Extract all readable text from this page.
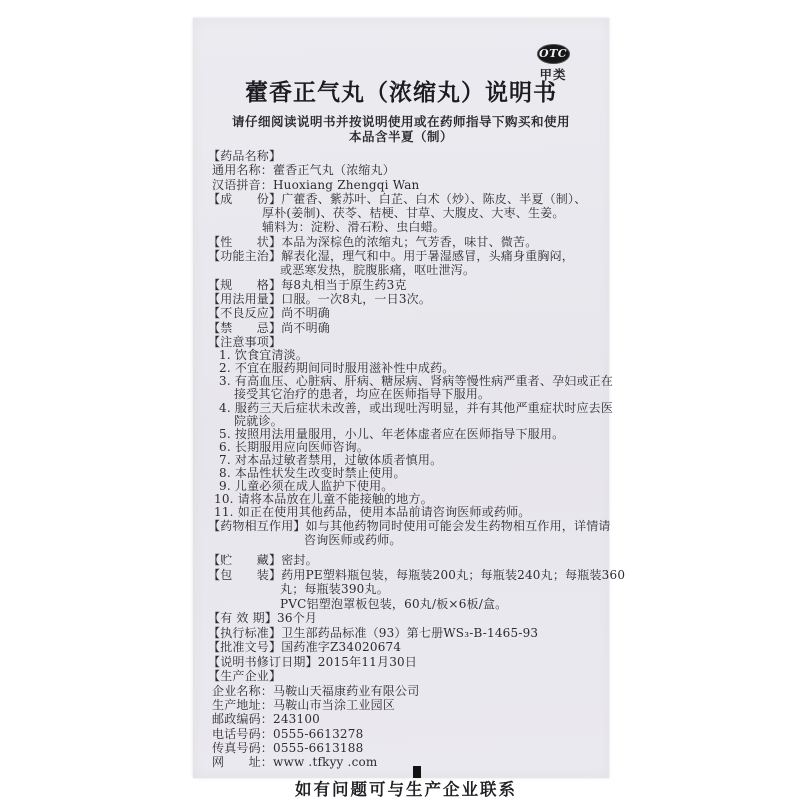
OTC
甲类
藿香正气丸（浓缩丸）说明书
请仔细阅读说明书并按说明使用或在药师指导下购买和使用
本品含半夏（制）
【药品名称】
通用名称：藿香正气丸（浓缩丸）
汉语拼音：Huoxiang Zhengqi Wan
【成　　份】广藿香、紫苏叶、白芷、白术（炒）、陈皮、半夏（制）、
厚朴(姜制)、茯苓、桔梗、甘草、大腹皮、大枣、生姜。
辅料为：淀粉、滑石粉、虫白蜡。
【性　　状】本品为深棕色的浓缩丸；气芳香，味甘、微苦。
【功能主治】解表化湿，理气和中。用于暑湿感冒，头痛身重胸闷，
或恶寒发热，脘腹胀痛，呕吐泄泻。
【规　　格】每8丸相当于原生药3克
【用法用量】口服。一次8丸，一日3次。
【不良反应】尚不明确
【禁　　忌】尚不明确
【注意事项】
1. 饮食宜清淡。
2. 不宜在服药期间同时服用滋补性中成药。
3. 有高血压、心脏病、肝病、糖尿病、肾病等慢性病严重者、孕妇或正在
接受其它治疗的患者，均应在医师指导下服用。
4. 服药三天后症状未改善，或出现吐泻明显，并有其他严重症状时应去医
院就诊。
5. 按照用法用量服用，小儿、年老体虚者应在医师指导下服用。
6. 长期服用应向医师咨询。
7. 对本品过敏者禁用，过敏体质者慎用。
8. 本品性状发生改变时禁止使用。
9. 儿童必须在成人监护下使用。
10. 请将本品放在儿童不能接触的地方。
11. 如正在使用其他药品，使用本品前请咨询医师或药师。
【药物相互作用】如与其他药物同时使用可能会发生药物相互作用，详情请
咨询医师或药师。
【贮　　藏】密封。
【包　　装】药用PE塑料瓶包装，每瓶装200丸；每瓶装240丸；每瓶装360
丸；每瓶装390丸。
PVC铝塑泡罩板包装，60丸/板×6板/盒。
【有 效 期】36个月
【执行标准】卫生部药品标准（93）第七册WS₃-B-1465-93
【批准文号】国药准字Z34020674
【说明书修订日期】2015年11月30日
【生产企业】
企业名称：马鞍山天福康药业有限公司
生产地址：马鞍山市当涂工业园区
邮政编码：243100
电话号码：0555-6613278
传真号码：0555-6613188
网　　址：www .tfkyy .com
如有问题可与生产企业联系
